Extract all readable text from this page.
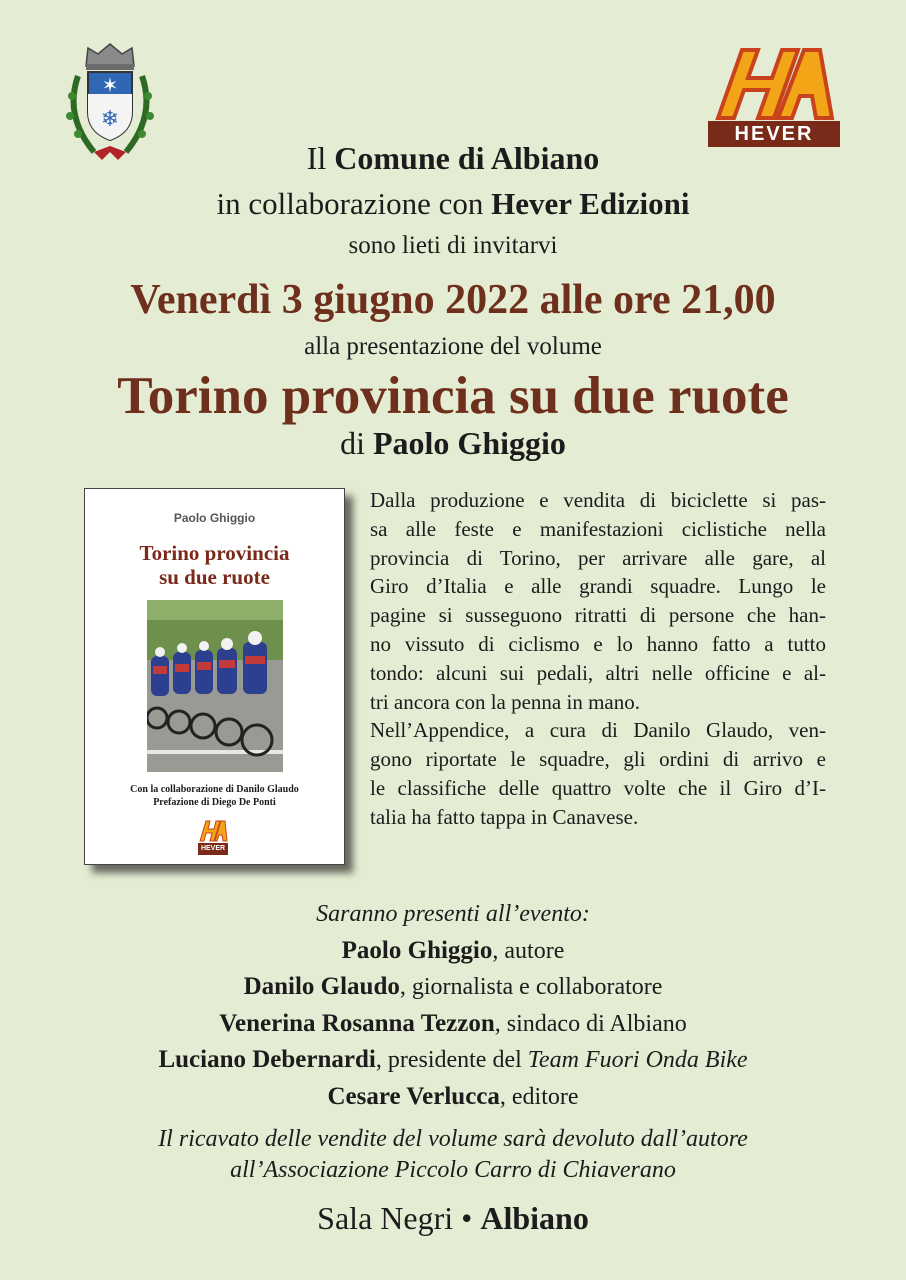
✶
❄
HEVER
Il Comune di Albiano
in collaborazione con Hever Edizioni
sono lieti di invitarvi
Venerdì 3 giugno 2022 alle ore 21,00
alla presentazione del volume
Torino provincia su due ruote
di Paolo Ghiggio
Paolo Ghiggio
Torino provincia
su due ruote
Con la collaborazione di Danilo Glaudo
Prefazione di Diego De Ponti
HEVER
Dalla produzione e vendita di biciclette si pas-
sa alle feste e manifestazioni ciclistiche nella
provincia di Torino, per arrivare alle gare, al
Giro d’Italia e alle grandi squadre. Lungo le
pagine si susseguono ritratti di persone che han-
no vissuto di ciclismo e lo hanno fatto a tutto
tondo: alcuni sui pedali, altri nelle officine e al-
tri ancora con la penna in mano.
Nell’Appendice, a cura di Danilo Glaudo, ven-
gono riportate le squadre, gli ordini di arrivo e
le classifiche delle quattro volte che il Giro d’I-
talia ha fatto tappa in Canavese.
Saranno presenti all’evento:
Paolo Ghiggio, autore
Danilo Glaudo, giornalista e collaboratore
Venerina Rosanna Tezzon, sindaco di Albiano
Luciano Debernardi, presidente del Team Fuori Onda Bike
Cesare Verlucca, editore
Il ricavato delle vendite del volume sarà devoluto dall’autore
all’Associazione Piccolo Carro di Chiaverano
Sala Negri • Albiano
